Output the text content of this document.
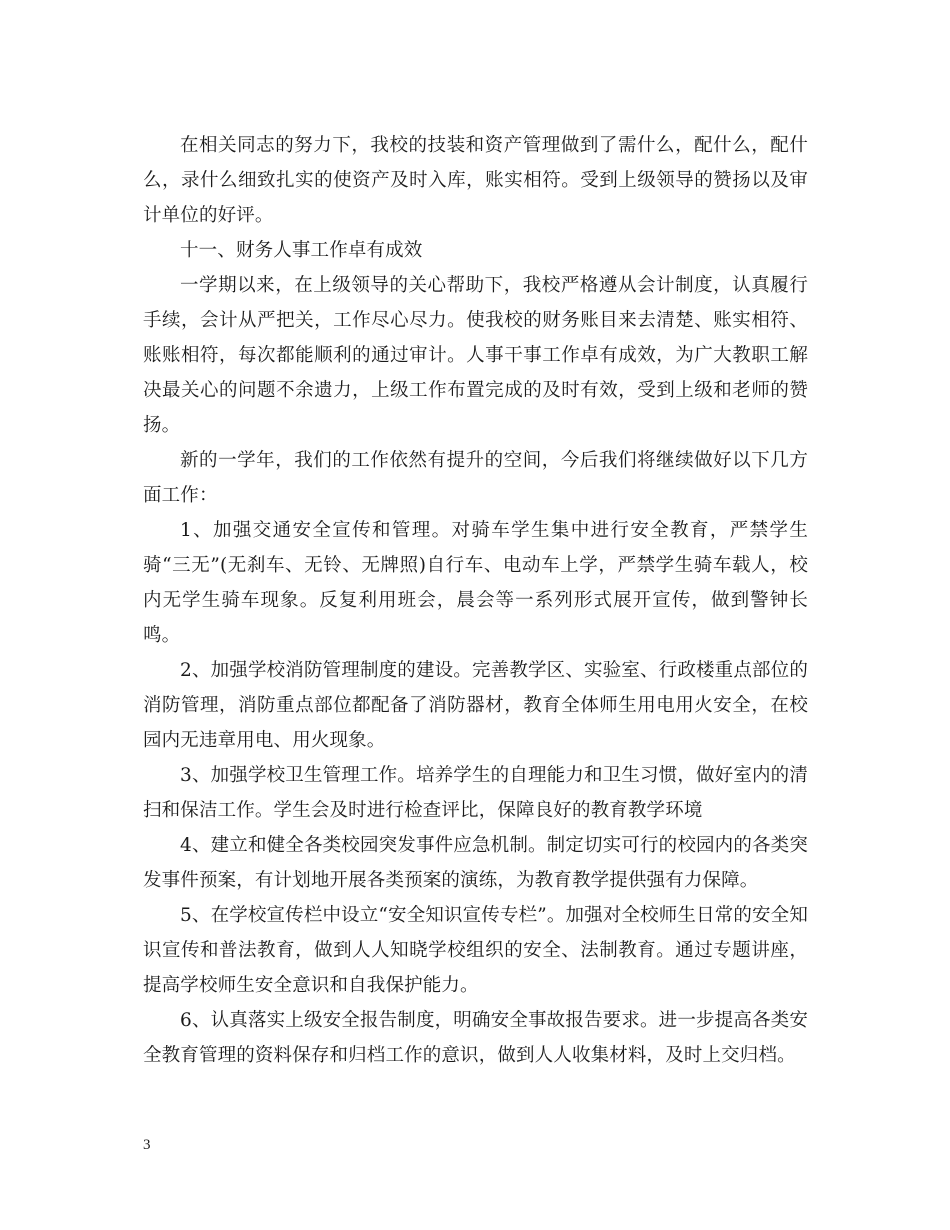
在相关同志的努力下，我校的技装和资产管理做到了需什么，配什么，配什么，录什么细致扎实的使资产及时入库，账实相符。受到上级领导的赞扬以及审计单位的好评。

十一、财务人事工作卓有成效

一学期以来，在上级领导的关心帮助下，我校严格遵从会计制度，认真履行手续，会计从严把关，工作尽心尽力。使我校的财务账目来去清楚、账实相符、账账相符，每次都能顺利的通过审计。人事干事工作卓有成效，为广大教职工解决最关心的问题不余遗力，上级工作布置完成的及时有效，受到上级和老师的赞扬。

新的一学年，我们的工作依然有提升的空间，今后我们将继续做好以下几方面工作：

1、加强交通安全宣传和管理。对骑车学生集中进行安全教育，严禁学生骑“三无”(无刹车、无铃、无牌照)自行车、电动车上学，严禁学生骑车载人，校内无学生骑车现象。反复利用班会，晨会等一系列形式展开宣传，做到警钟长鸣。

2、加强学校消防管理制度的建设。完善教学区、实验室、行政楼重点部位的消防管理，消防重点部位都配备了消防器材，教育全体师生用电用火安全，在校园内无违章用电、用火现象。

3、加强学校卫生管理工作。培养学生的自理能力和卫生习惯，做好室内的清扫和保洁工作。学生会及时进行检查评比，保障良好的教育教学环境

4、建立和健全各类校园突发事件应急机制。制定切实可行的校园内的各类突发事件预案，有计划地开展各类预案的演练，为教育教学提供强有力保障。

5、在学校宣传栏中设立“安全知识宣传专栏”。加强对全校师生日常的安全知识宣传和普法教育，做到人人知晓学校组织的安全、法制教育。通过专题讲座，提高学校师生安全意识和自我保护能力。

6、认真落实上级安全报告制度，明确安全事故报告要求。进一步提高各类安全教育管理的资料保存和归档工作的意识，做到人人收集材料，及时上交归档。

3
